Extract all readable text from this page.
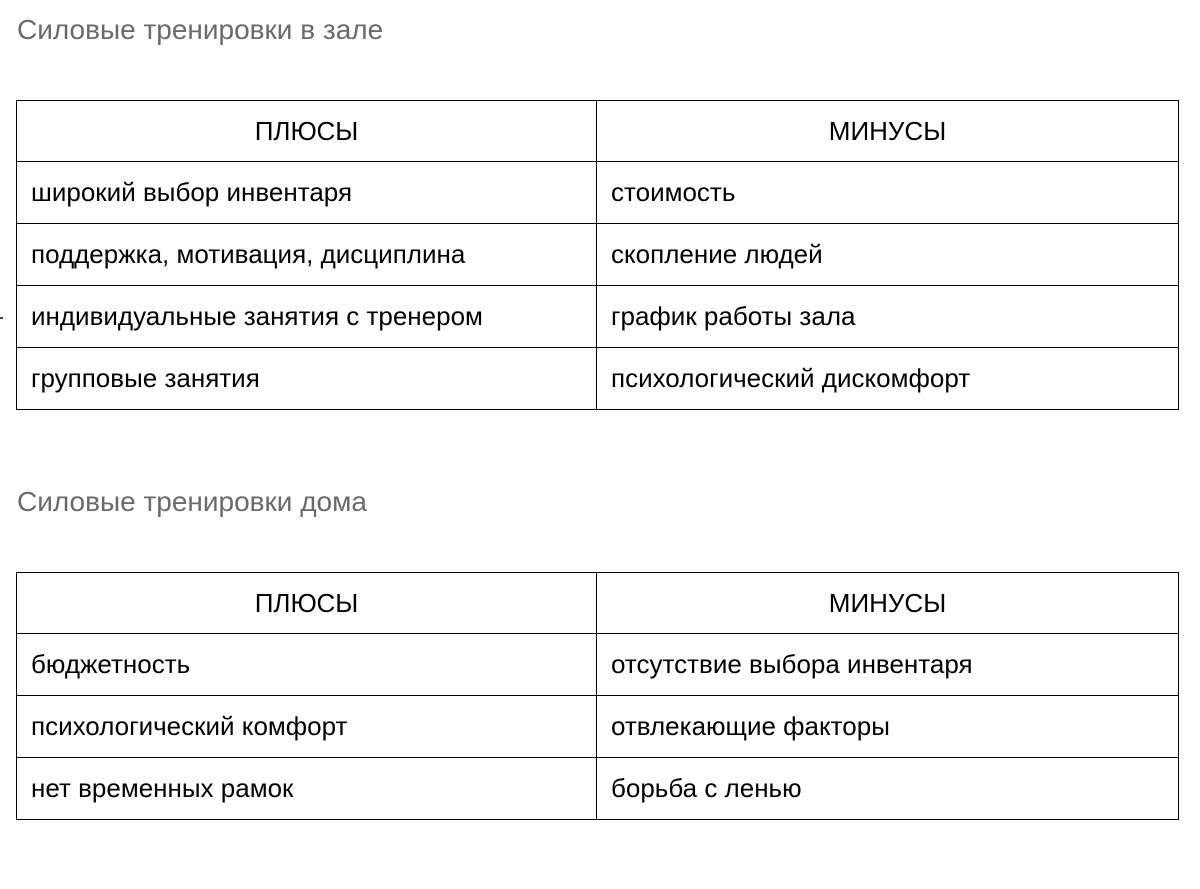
Силовые тренировки в зале
ПЛЮСЫ	МИНУСЫ
широкий выбор инвентаря	стоимость
поддержка, мотивация, дисциплина	скопление людей
индивидуальные занятия с тренером	график работы зала
групповые занятия	психологический дискомфорт
Силовые тренировки дома
ПЛЮСЫ	МИНУСЫ
бюджетность	отсутствие выбора инвентаря
психологический комфорт	отвлекающие факторы
нет временных рамок	борьба с ленью
